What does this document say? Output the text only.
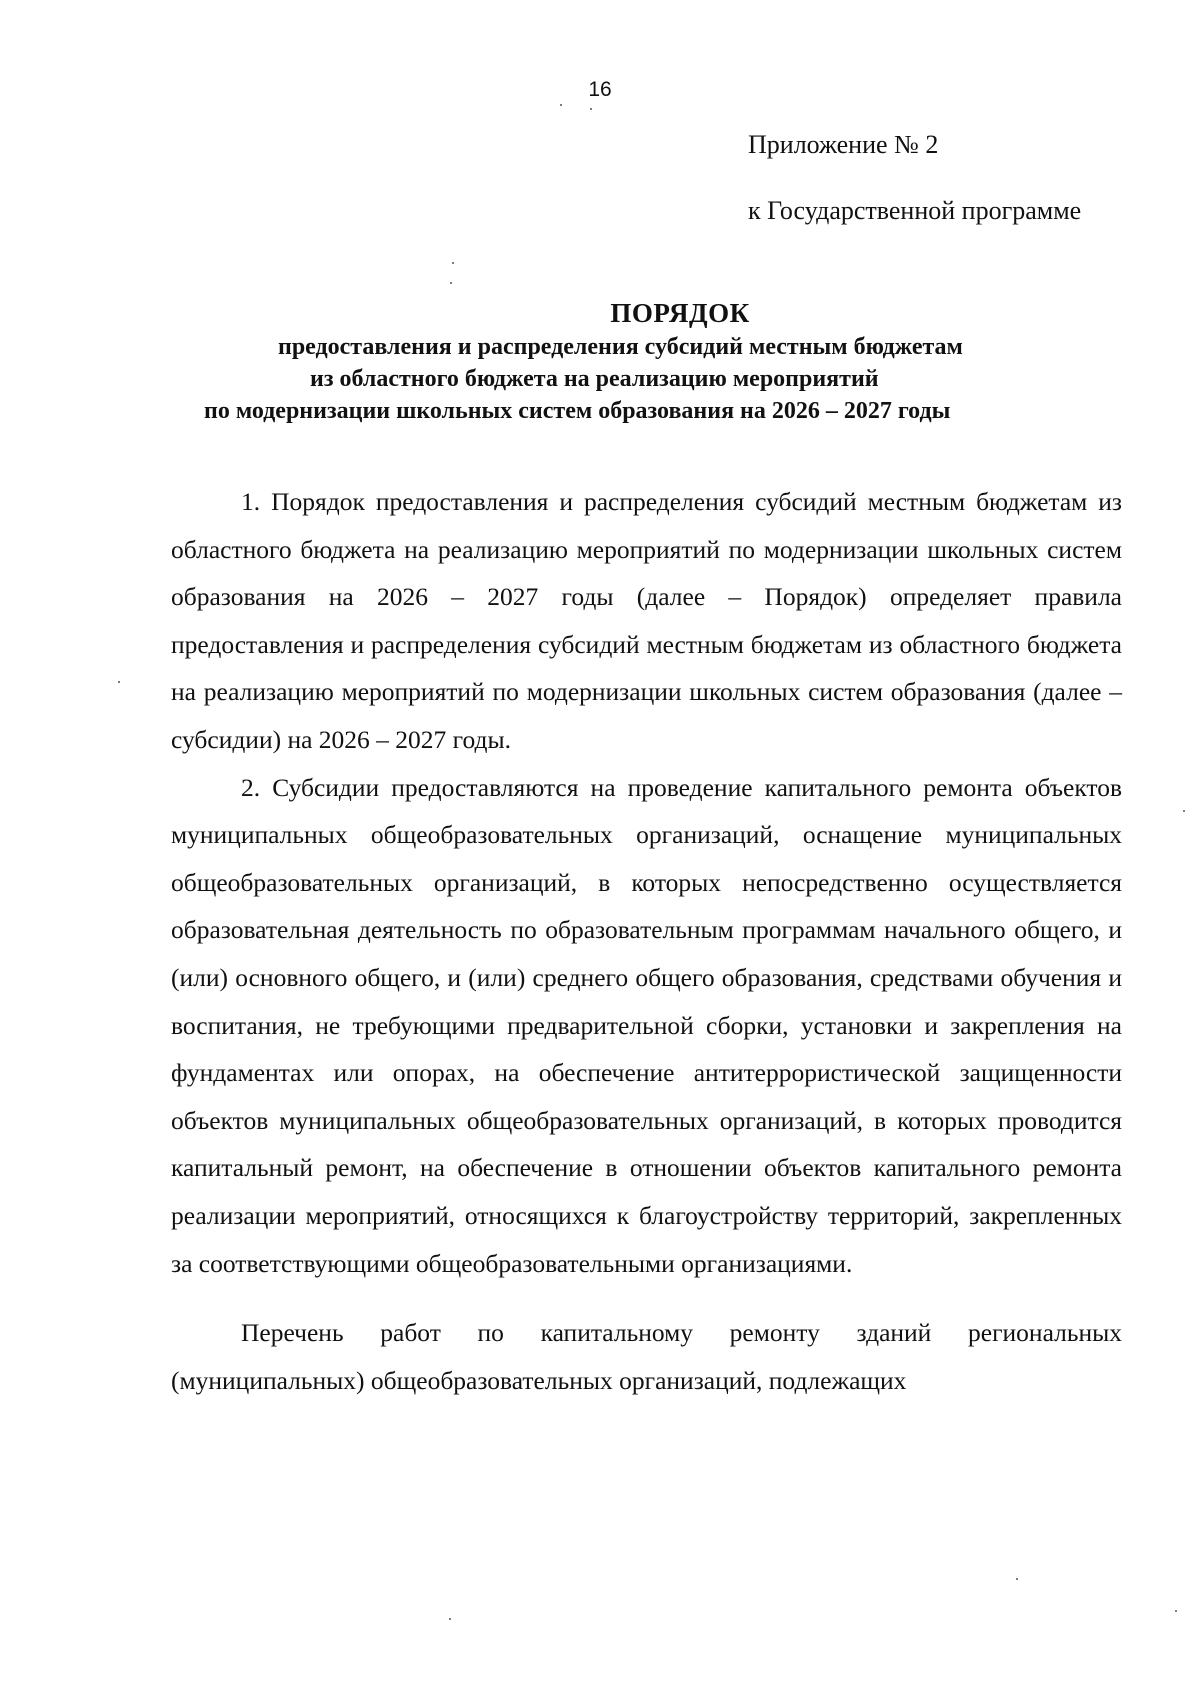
16
Приложение № 2
к Государственной программе
ПОРЯДОК
предоставления и распределения субсидий местным бюджетам
из областного бюджета на реализацию мероприятий
по модернизации школьных систем образования на 2026 – 2027 годы

1. Порядок предоставления и распределения субсидий местным бюджетам из областного бюджета на реализацию мероприятий по модернизации школьных систем образования на 2026 – 2027 годы (далее – Порядок) определяет правила предоставления и распределения субсидий местным бюджетам из областного бюджета на реализацию мероприятий по модернизации школьных систем образования (далее – субсидии) на 2026 – 2027 годы.

2. Субсидии предоставляются на проведение капитального ремонта объектов муниципальных общеобразовательных организаций, оснащение муниципальных общеобразовательных организаций, в которых непосредственно осуществляется образовательная деятельность по образовательным программам начального общего, и (или) основного общего, и (или) среднего общего образования, средствами обучения и воспитания, не требующими предварительной сборки, установки и закрепления на фундаментах или опорах, на обеспечение антитеррористической защищенности объектов муниципальных общеобразовательных организаций, в которых проводится капитальный ремонт, на обеспечение в отношении объектов капитального ремонта реализации мероприятий, относящихся к благоустройству территорий, закрепленных за соответствующими общеобразовательными организациями.

Перечень работ по капитальному ремонту зданий региональных (муниципальных) общеобразовательных организаций, подлежащих
